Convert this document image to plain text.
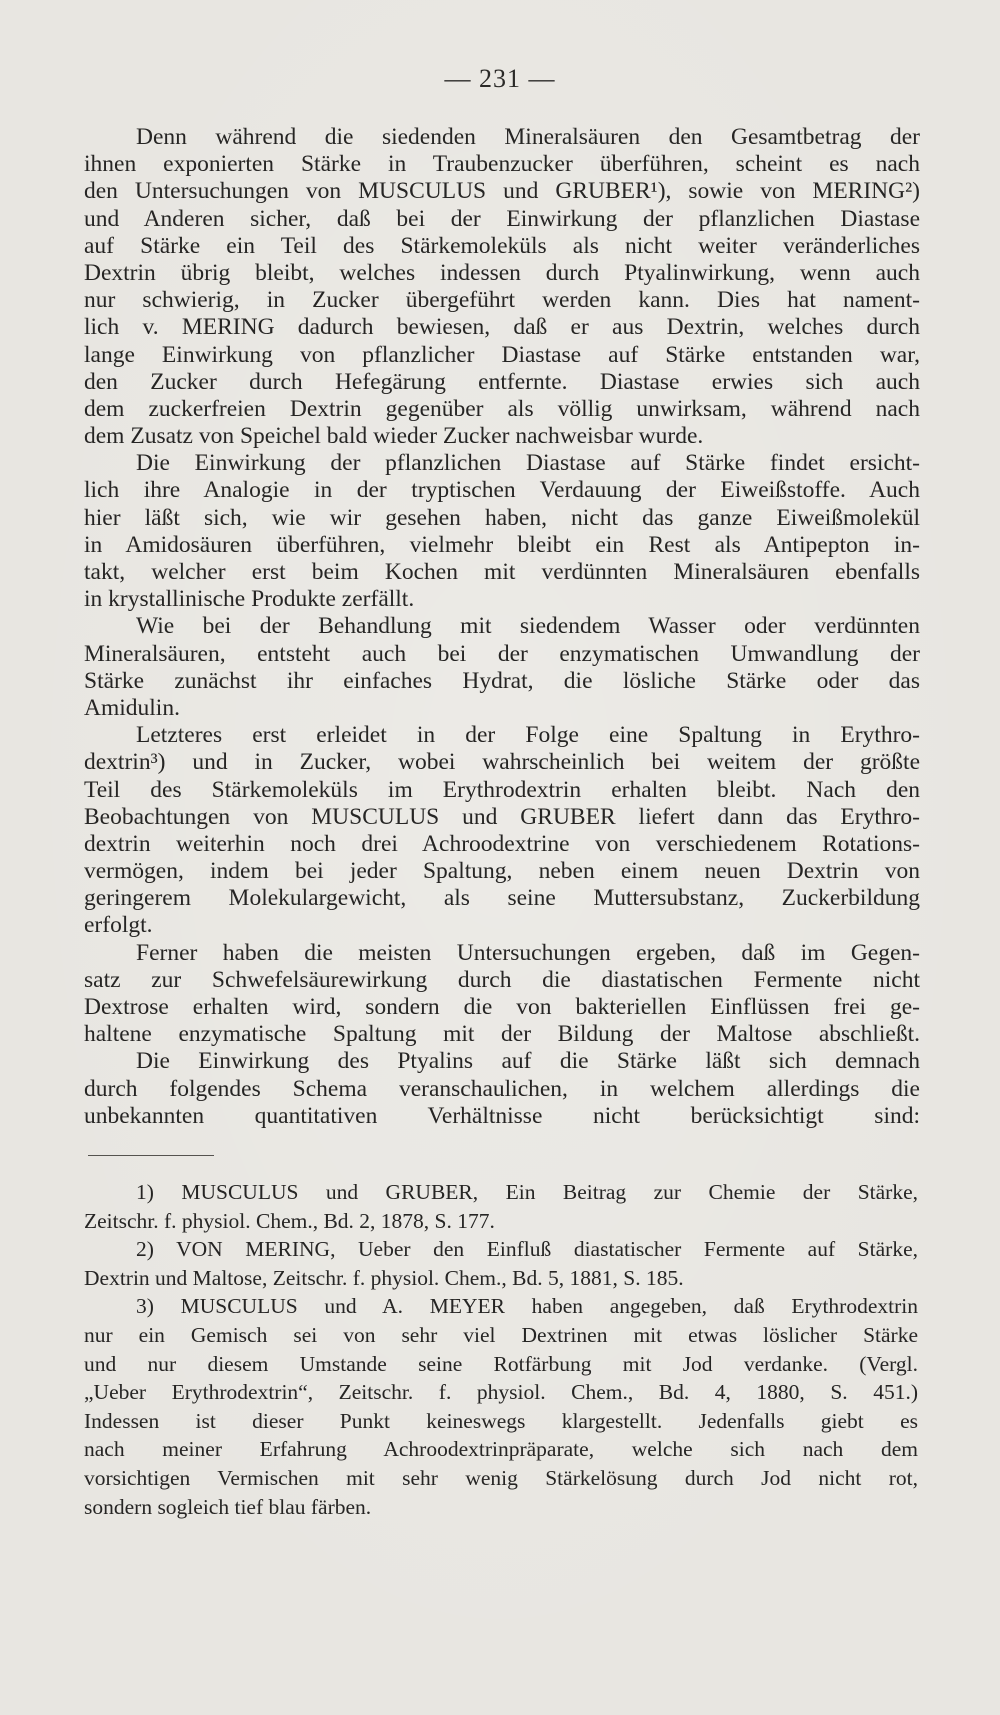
— 231 —
Denn während die siedenden Mineralsäuren den Gesamtbetrag der
ihnen exponierten Stärke in Traubenzucker überführen, scheint es nach
den Untersuchungen von MUSCULUS und GRUBER¹), sowie von MERING²)
und Anderen sicher, daß bei der Einwirkung der pflanzlichen Diastase
auf Stärke ein Teil des Stärkemoleküls als nicht weiter veränderliches
Dextrin übrig bleibt, welches indessen durch Ptyalinwirkung, wenn auch
nur schwierig, in Zucker übergeführt werden kann. Dies hat nament-
lich v. MERING dadurch bewiesen, daß er aus Dextrin, welches durch
lange Einwirkung von pflanzlicher Diastase auf Stärke entstanden war,
den Zucker durch Hefegärung entfernte. Diastase erwies sich auch
dem zuckerfreien Dextrin gegenüber als völlig unwirksam, während nach
dem Zusatz von Speichel bald wieder Zucker nachweisbar wurde.
Die Einwirkung der pflanzlichen Diastase auf Stärke findet ersicht-
lich ihre Analogie in der tryptischen Verdauung der Eiweißstoffe. Auch
hier läßt sich, wie wir gesehen haben, nicht das ganze Eiweißmolekül
in Amidosäuren überführen, vielmehr bleibt ein Rest als Antipepton in-
takt, welcher erst beim Kochen mit verdünnten Mineralsäuren ebenfalls
in krystallinische Produkte zerfällt.
Wie bei der Behandlung mit siedendem Wasser oder verdünnten
Mineralsäuren, entsteht auch bei der enzymatischen Umwandlung der
Stärke zunächst ihr einfaches Hydrat, die lösliche Stärke oder das
Amidulin.
Letzteres erst erleidet in der Folge eine Spaltung in Erythro-
dextrin³) und in Zucker, wobei wahrscheinlich bei weitem der größte
Teil des Stärkemoleküls im Erythrodextrin erhalten bleibt. Nach den
Beobachtungen von MUSCULUS und GRUBER liefert dann das Erythro-
dextrin weiterhin noch drei Achroodextrine von verschiedenem Rotations-
vermögen, indem bei jeder Spaltung, neben einem neuen Dextrin von
geringerem Molekulargewicht, als seine Muttersubstanz, Zuckerbildung
erfolgt.
Ferner haben die meisten Untersuchungen ergeben, daß im Gegen-
satz zur Schwefelsäurewirkung durch die diastatischen Fermente nicht
Dextrose erhalten wird, sondern die von bakteriellen Einflüssen frei ge-
haltene enzymatische Spaltung mit der Bildung der Maltose abschließt.
Die Einwirkung des Ptyalins auf die Stärke läßt sich demnach
durch folgendes Schema veranschaulichen, in welchem allerdings die
unbekannten quantitativen Verhältnisse nicht berücksichtigt sind:
1) MUSCULUS und GRUBER, Ein Beitrag zur Chemie der Stärke,
Zeitschr. f. physiol. Chem., Bd. 2, 1878, S. 177.
2) VON MERING, Ueber den Einfluß diastatischer Fermente auf Stärke,
Dextrin und Maltose, Zeitschr. f. physiol. Chem., Bd. 5, 1881, S. 185.
3) MUSCULUS und A. MEYER haben angegeben, daß Erythrodextrin
nur ein Gemisch sei von sehr viel Dextrinen mit etwas löslicher Stärke
und nur diesem Umstande seine Rotfärbung mit Jod verdanke. (Vergl.
„Ueber Erythrodextrin“, Zeitschr. f. physiol. Chem., Bd. 4, 1880, S. 451.)
Indessen ist dieser Punkt keineswegs klargestellt. Jedenfalls giebt es
nach meiner Erfahrung Achroodextrinpräparate, welche sich nach dem
vorsichtigen Vermischen mit sehr wenig Stärkelösung durch Jod nicht rot,
sondern sogleich tief blau färben.
